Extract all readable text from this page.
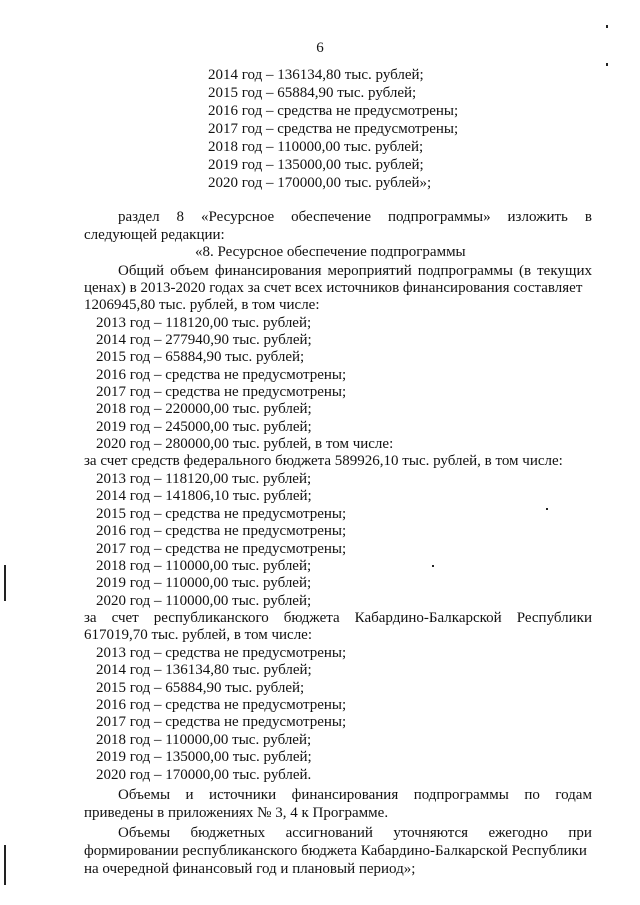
6
2014 год – 136134,80 тыс. рублей;
2015 год – 65884,90 тыс. рублей;
2016 год – средства не предусмотрены;
2017 год – средства не предусмотрены;
2018 год – 110000,00 тыс. рублей;
2019 год – 135000,00 тыс. рублей;
2020 год – 170000,00 тыс. рублей»;
раздел 8 «Ресурсное обеспечение подпрограммы» изложить в
следующей редакции:
«8. Ресурсное обеспечение подпрограммы
Общий объем финансирования мероприятий подпрограммы (в текущих
ценах) в 2013-2020 годах за счет всех источников финансирования составляет
1206945,80 тыс. рублей, в том числе:
2013 год – 118120,00 тыс. рублей;
2014 год – 277940,90 тыс. рублей;
2015 год – 65884,90 тыс. рублей;
2016 год – средства не предусмотрены;
2017 год – средства не предусмотрены;
2018 год – 220000,00 тыс. рублей;
2019 год – 245000,00 тыс. рублей;
2020 год – 280000,00 тыс. рублей, в том числе:
за счет средств федерального бюджета 589926,10 тыс. рублей, в том числе:
2013 год – 118120,00 тыс. рублей;
2014 год – 141806,10 тыс. рублей;
2015 год – средства не предусмотрены;
2016 год – средства не предусмотрены;
2017 год – средства не предусмотрены;
2018 год – 110000,00 тыс. рублей;
2019 год – 110000,00 тыс. рублей;
2020 год – 110000,00 тыс. рублей;
за счет республиканского бюджета Кабардино-Балкарской Республики
617019,70 тыс. рублей, в том числе:
2013 год – средства не предусмотрены;
2014 год – 136134,80 тыс. рублей;
2015 год – 65884,90 тыс. рублей;
2016 год – средства не предусмотрены;
2017 год – средства не предусмотрены;
2018 год – 110000,00 тыс. рублей;
2019 год – 135000,00 тыс. рублей;
2020 год – 170000,00 тыс. рублей.
Объемы и источники финансирования подпрограммы по годам
приведены в приложениях № 3, 4 к Программе.
Объемы бюджетных ассигнований уточняются ежегодно при
формировании республиканского бюджета Кабардино-Балкарской Республики
на очередной финансовый год и плановый период»;
